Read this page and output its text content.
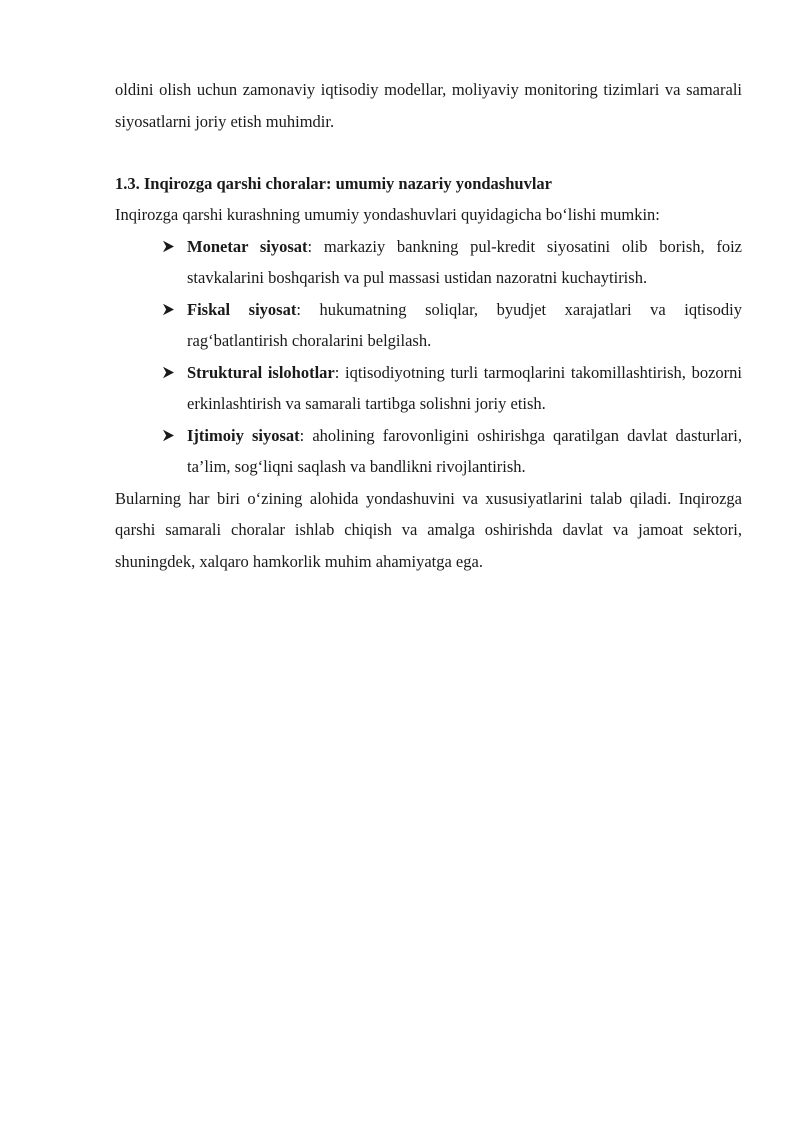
oldini olish uchun zamonaviy iqtisodiy modellar, moliyaviy monitoring tizimlari va samarali siyosatlarni joriy etish muhimdir.

1.3. Inqirozga qarshi choralar: umumiy nazariy yondashuvlar

Inqirozga qarshi kurashning umumiy yondashuvlari quyidagicha bo‘lishi mumkin:

Monetar siyosat: markaziy bankning pul-kredit siyosatini olib borish, foiz stavkalarini boshqarish va pul massasi ustidan nazoratni kuchaytirish.
Fiskal siyosat: hukumatning soliqlar, byudjet xarajatlari va iqtisodiy rag‘batlantirish choralarini belgilash.
Struktural islohotlar: iqtisodiyotning turli tarmoqlarini takomillashtirish, bozorni erkinlashtirish va samarali tartibga solishni joriy etish.
Ijtimoiy siyosat: aholining farovonligini oshirishga qaratilgan davlat dasturlari, ta’lim, sog‘liqni saqlash va bandlikni rivojlantirish.

Bularning har biri o‘zining alohida yondashuvini va xususiyatlarini talab qiladi. Inqirozga qarshi samarali choralar ishlab chiqish va amalga oshirishda davlat va jamoat sektori, shuningdek, xalqaro hamkorlik muhim ahamiyatga ega.
